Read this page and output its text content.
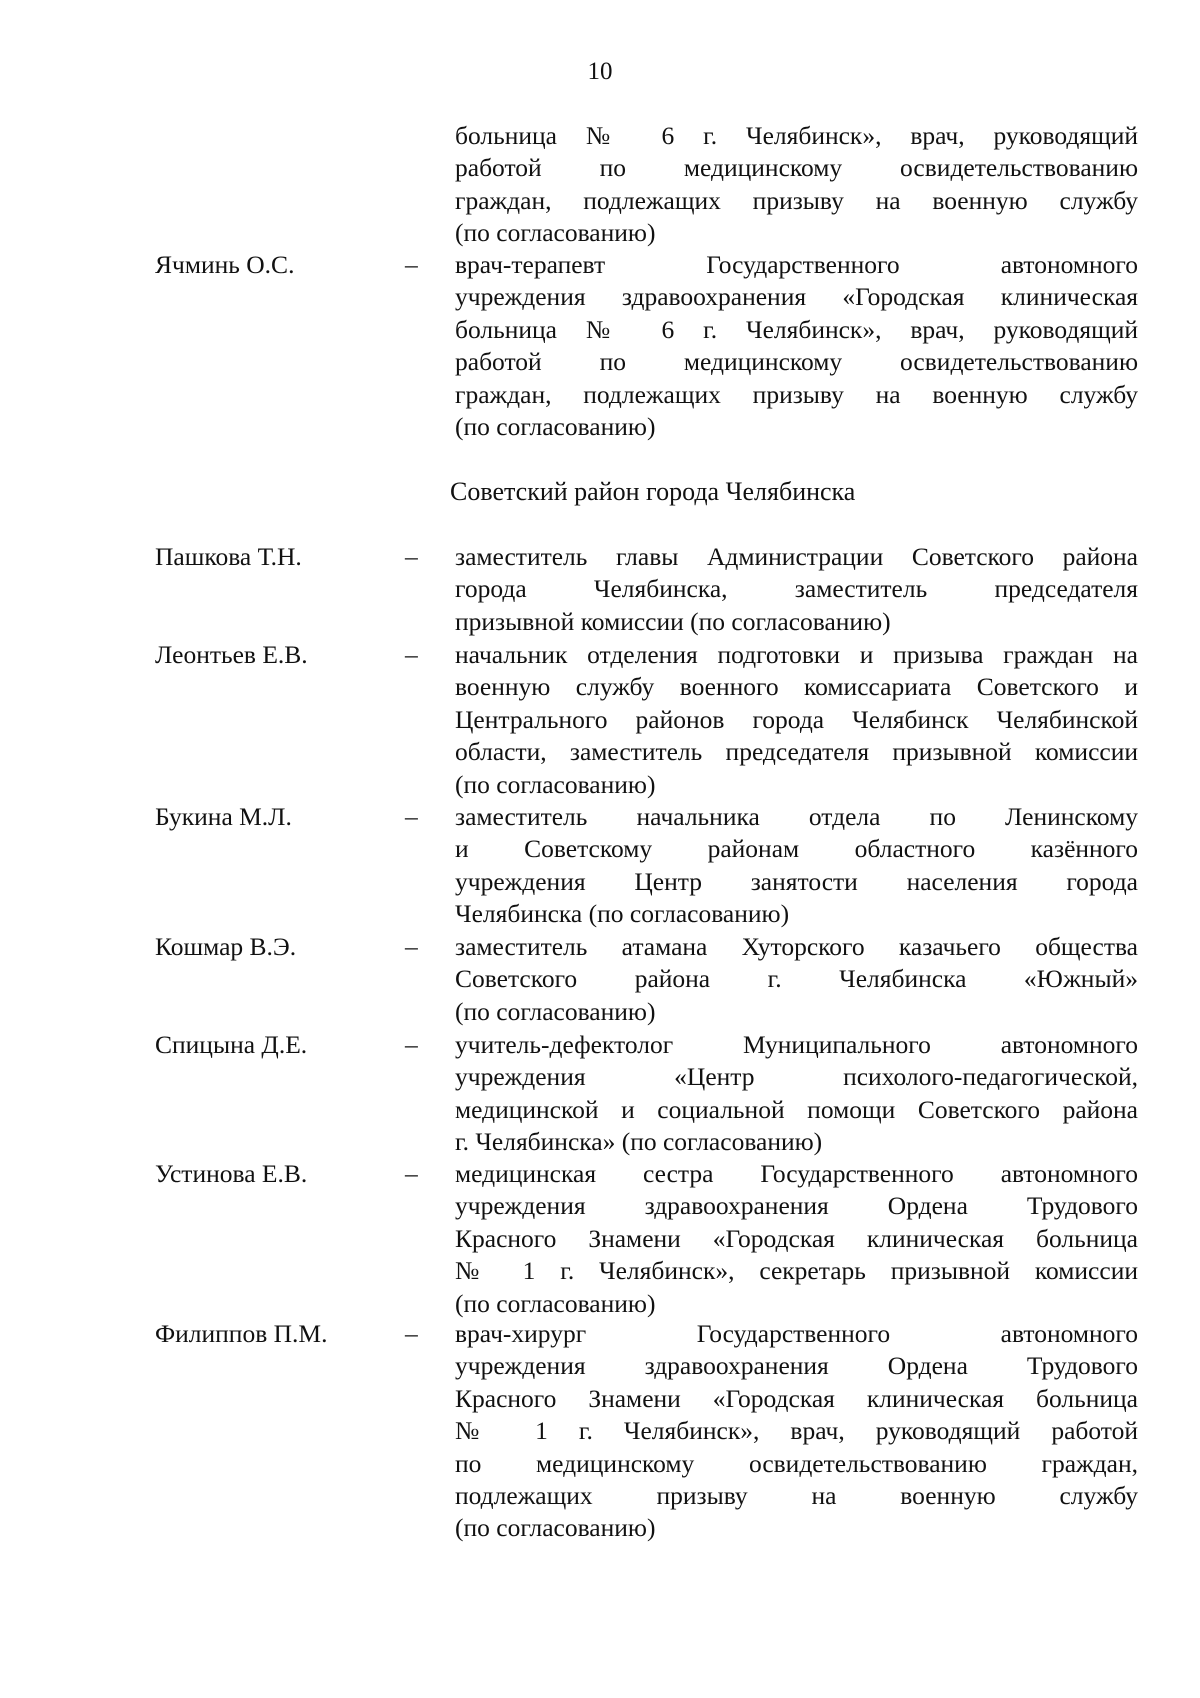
10
больница № 6 г. Челябинск», врач, руководящий
работой по медицинскому освидетельствованию
граждан, подлежащих призыву на военную службу
(по согласованию)
Ячминь О.С.	–	врач-терапевт Государственного автономного
учреждения здравоохранения «Городская клиническая
больница № 6 г. Челябинск», врач, руководящий
работой по медицинскому освидетельствованию
граждан, подлежащих призыву на военную службу
(по согласованию)
Советский район города Челябинска
Пашкова Т.Н.	–	заместитель главы Администрации Советского района
города Челябинска, заместитель председателя
призывной комиссии (по согласованию)
Леонтьев Е.В.	–	начальник отделения подготовки и призыва граждан на
военную службу военного комиссариата Советского и
Центрального районов города Челябинск Челябинской
области, заместитель председателя призывной комиссии
(по согласованию)
Букина М.Л.	–	заместитель начальника отдела по Ленинскому
и Советскому районам областного казённого
учреждения Центр занятости населения города
Челябинска (по согласованию)
Кошмар В.Э.	–	заместитель атамана Хуторского казачьего общества
Советского района г. Челябинска «Южный»
(по согласованию)
Спицына Д.Е.	–	учитель-дефектолог Муниципального автономного
учреждения «Центр психолого-педагогической,
медицинской и социальной помощи Советского района
г. Челябинска» (по согласованию)
Устинова Е.В.	–	медицинская сестра Государственного автономного
учреждения здравоохранения Ордена Трудового
Красного Знамени «Городская клиническая больница
№ 1 г. Челябинск», секретарь призывной комиссии
(по согласованию)
Филиппов П.М.	–	врач-хирург Государственного автономного
учреждения здравоохранения Ордена Трудового
Красного Знамени «Городская клиническая больница
№ 1 г. Челябинск», врач, руководящий работой
по медицинскому освидетельствованию граждан,
подлежащих призыву на военную службу
(по согласованию)
